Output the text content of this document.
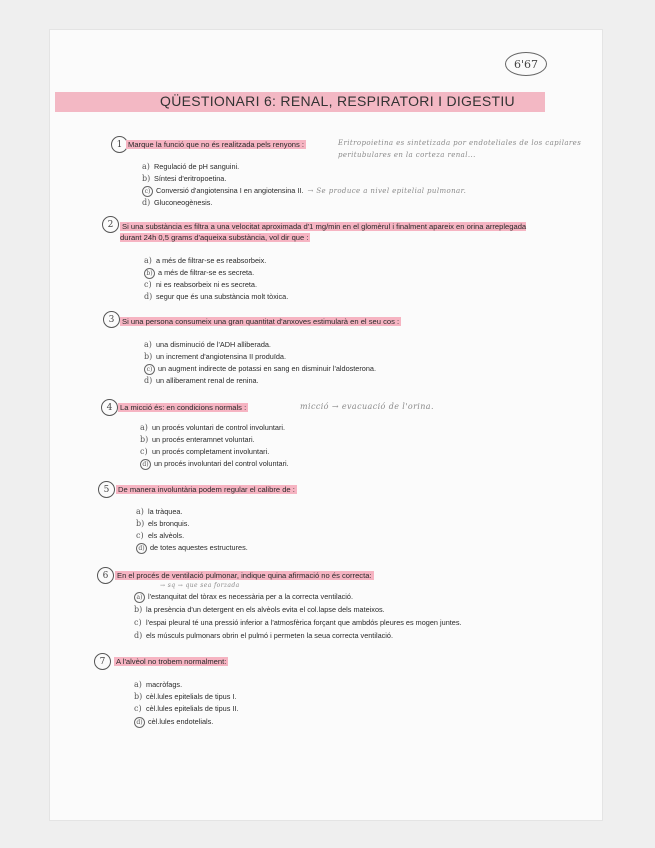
6'67
QÜESTIONARI 6: RENAL, RESPIRATORI I DIGESTIU
1 Marque la funció que no és realitzada pels renyons :	Eritropoietina es sintetizada por endoteliales de los capilares peritubulares en la corteza renal...
a) Regulació de pH sanguini.
b) Síntesi d'eritropoetina.
c) Conversió d'angiotensina I en angiotensina II. → Se produce a nivel epitelial pulmonar.
d) Gluconeogènesis.
2 Si una substància es filtra a una velocitat aproximada d'1 mg/min en el glomèrul i finalment apareix en orina arreplegada durant 24h 0,5 grams d'aqueixa substància, vol dir que :
a) a més de filtrar-se es reabsorbeix.
b) a més de filtrar-se es secreta.
c) ni es reabsorbeix ni es secreta.
d) segur que és una substància molt tòxica.
3 Si una persona consumeix una gran quantitat d'anxoves estimularà en el seu cos :
a) una disminució de l'ADH alliberada.
b) un increment d'angiotensina II produïda.
c) un augment indirecte de potassi en sang en disminuir l'aldosterona.
d) un alliberament renal de renina.
4 La micció és: en condicions normals :	micció → evacuació de l'orina.
a) un procés voluntari de control involuntari.
b) un procés enteramnet voluntari.
c) un procés completament involuntari.
d) un procés involuntari del control voluntari.
5 De manera involuntària podem regular el calibre de :
a) la tràquea.
b) els bronquis.
c) els alvèols.
d) de totes aquestes estructures.
6 En el procés de ventilació pulmonar, indique quina afirmació no és correcta:
→ sq → que sea forzada
a) l'estanquitat del tòrax es necessària per a la correcta ventilació.
b) la presència d'un detergent en els alvèols evita el col.lapse dels mateixos.
c) l'espai pleural té una pressió inferior a l'atmosfèrica forçant que ambdós pleures es mogen juntes.
d) els músculs pulmonars obrin el pulmó i permeten la seua correcta ventilació.
7 A l'alvèol no trobem normalment:
a) macròfags.
b) cèl.lules epitelials de tipus I.
c) cèl.lules epitelials de tipus II.
d) cèl.lules endotelials.
